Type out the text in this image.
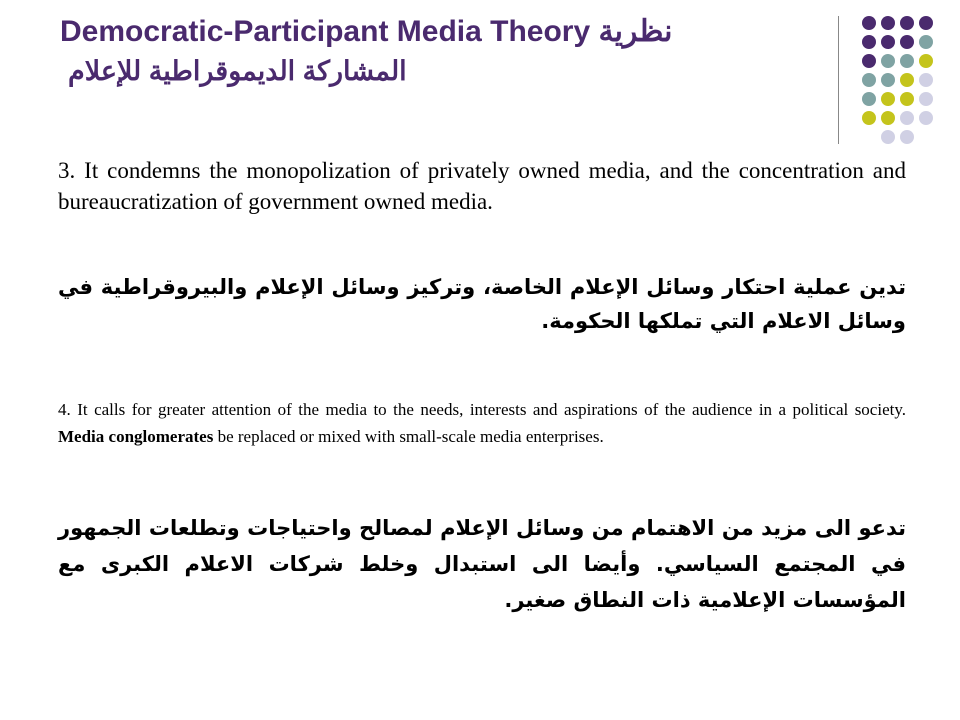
Democratic-Participant Media Theory نظرية
المشاركة الديموقراطية للإعلام
3. It condemns the monopolization of privately owned media, and the concentration and bureaucratization of government owned media.
تدين عملية احتكار وسائل الإعلام الخاصة، وتركيز وسائل الإعلام والبيروقراطية في وسائل الاعلام التي تملكها الحكومة.
4. It calls for greater attention of the media to the needs, interests and aspirations of the audience in a political society. Media conglomerates be replaced or mixed with small-scale media enterprises.
تدعو الى مزيد من الاهتمام من وسائل الإعلام لمصالح واحتياجات وتطلعات الجمهور في المجتمع السياسي. وأيضا الى استبدال وخلط شركات الاعلام الكبرى مع المؤسسات الإعلامية ذات النطاق صغير.
